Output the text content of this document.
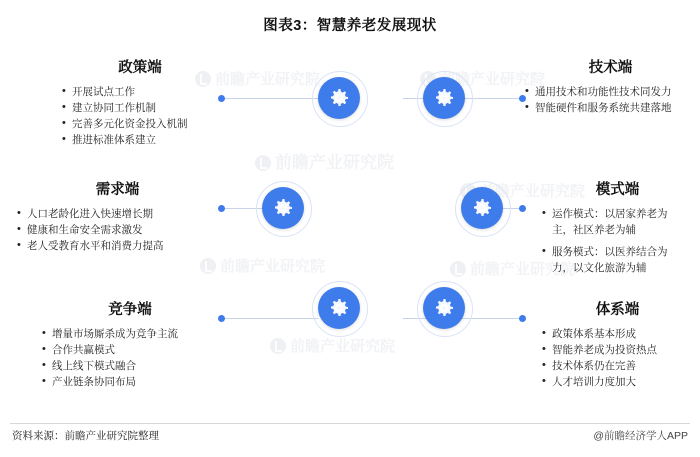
图表3：智慧养老发展现状
前瞻产业研究院	前瞻产业研究院
前瞻产业研究院
前瞻产业研究院
前瞻产业研究院	前瞻产业研究院
前瞻产业研究院
政策端
• 开展试点工作
• 建立协同工作机制
• 完善多元化资金投入机制
• 推进标准体系建立
需求端
• 人口老龄化进入快速增长期
• 健康和生命安全需求激发
• 老人受教育水平和消费力提高
竞争端
• 增量市场厮杀成为竞争主流
• 合作共赢模式
• 线上线下模式融合
• 产业链条协同布局
技术端
• 通用技术和功能性技术同发力
• 智能硬件和服务系统共建落地
模式端
• 运作模式：以居家养老为主，社区养老为辅
• 服务模式：以医养结合为力，以文化旅游为辅
体系端
• 政策体系基本形成
• 智能养老成为投资热点
• 技术体系仍在完善
• 人才培训力度加大
资料来源：前瞻产业研究院整理	@前瞻经济学人APP
